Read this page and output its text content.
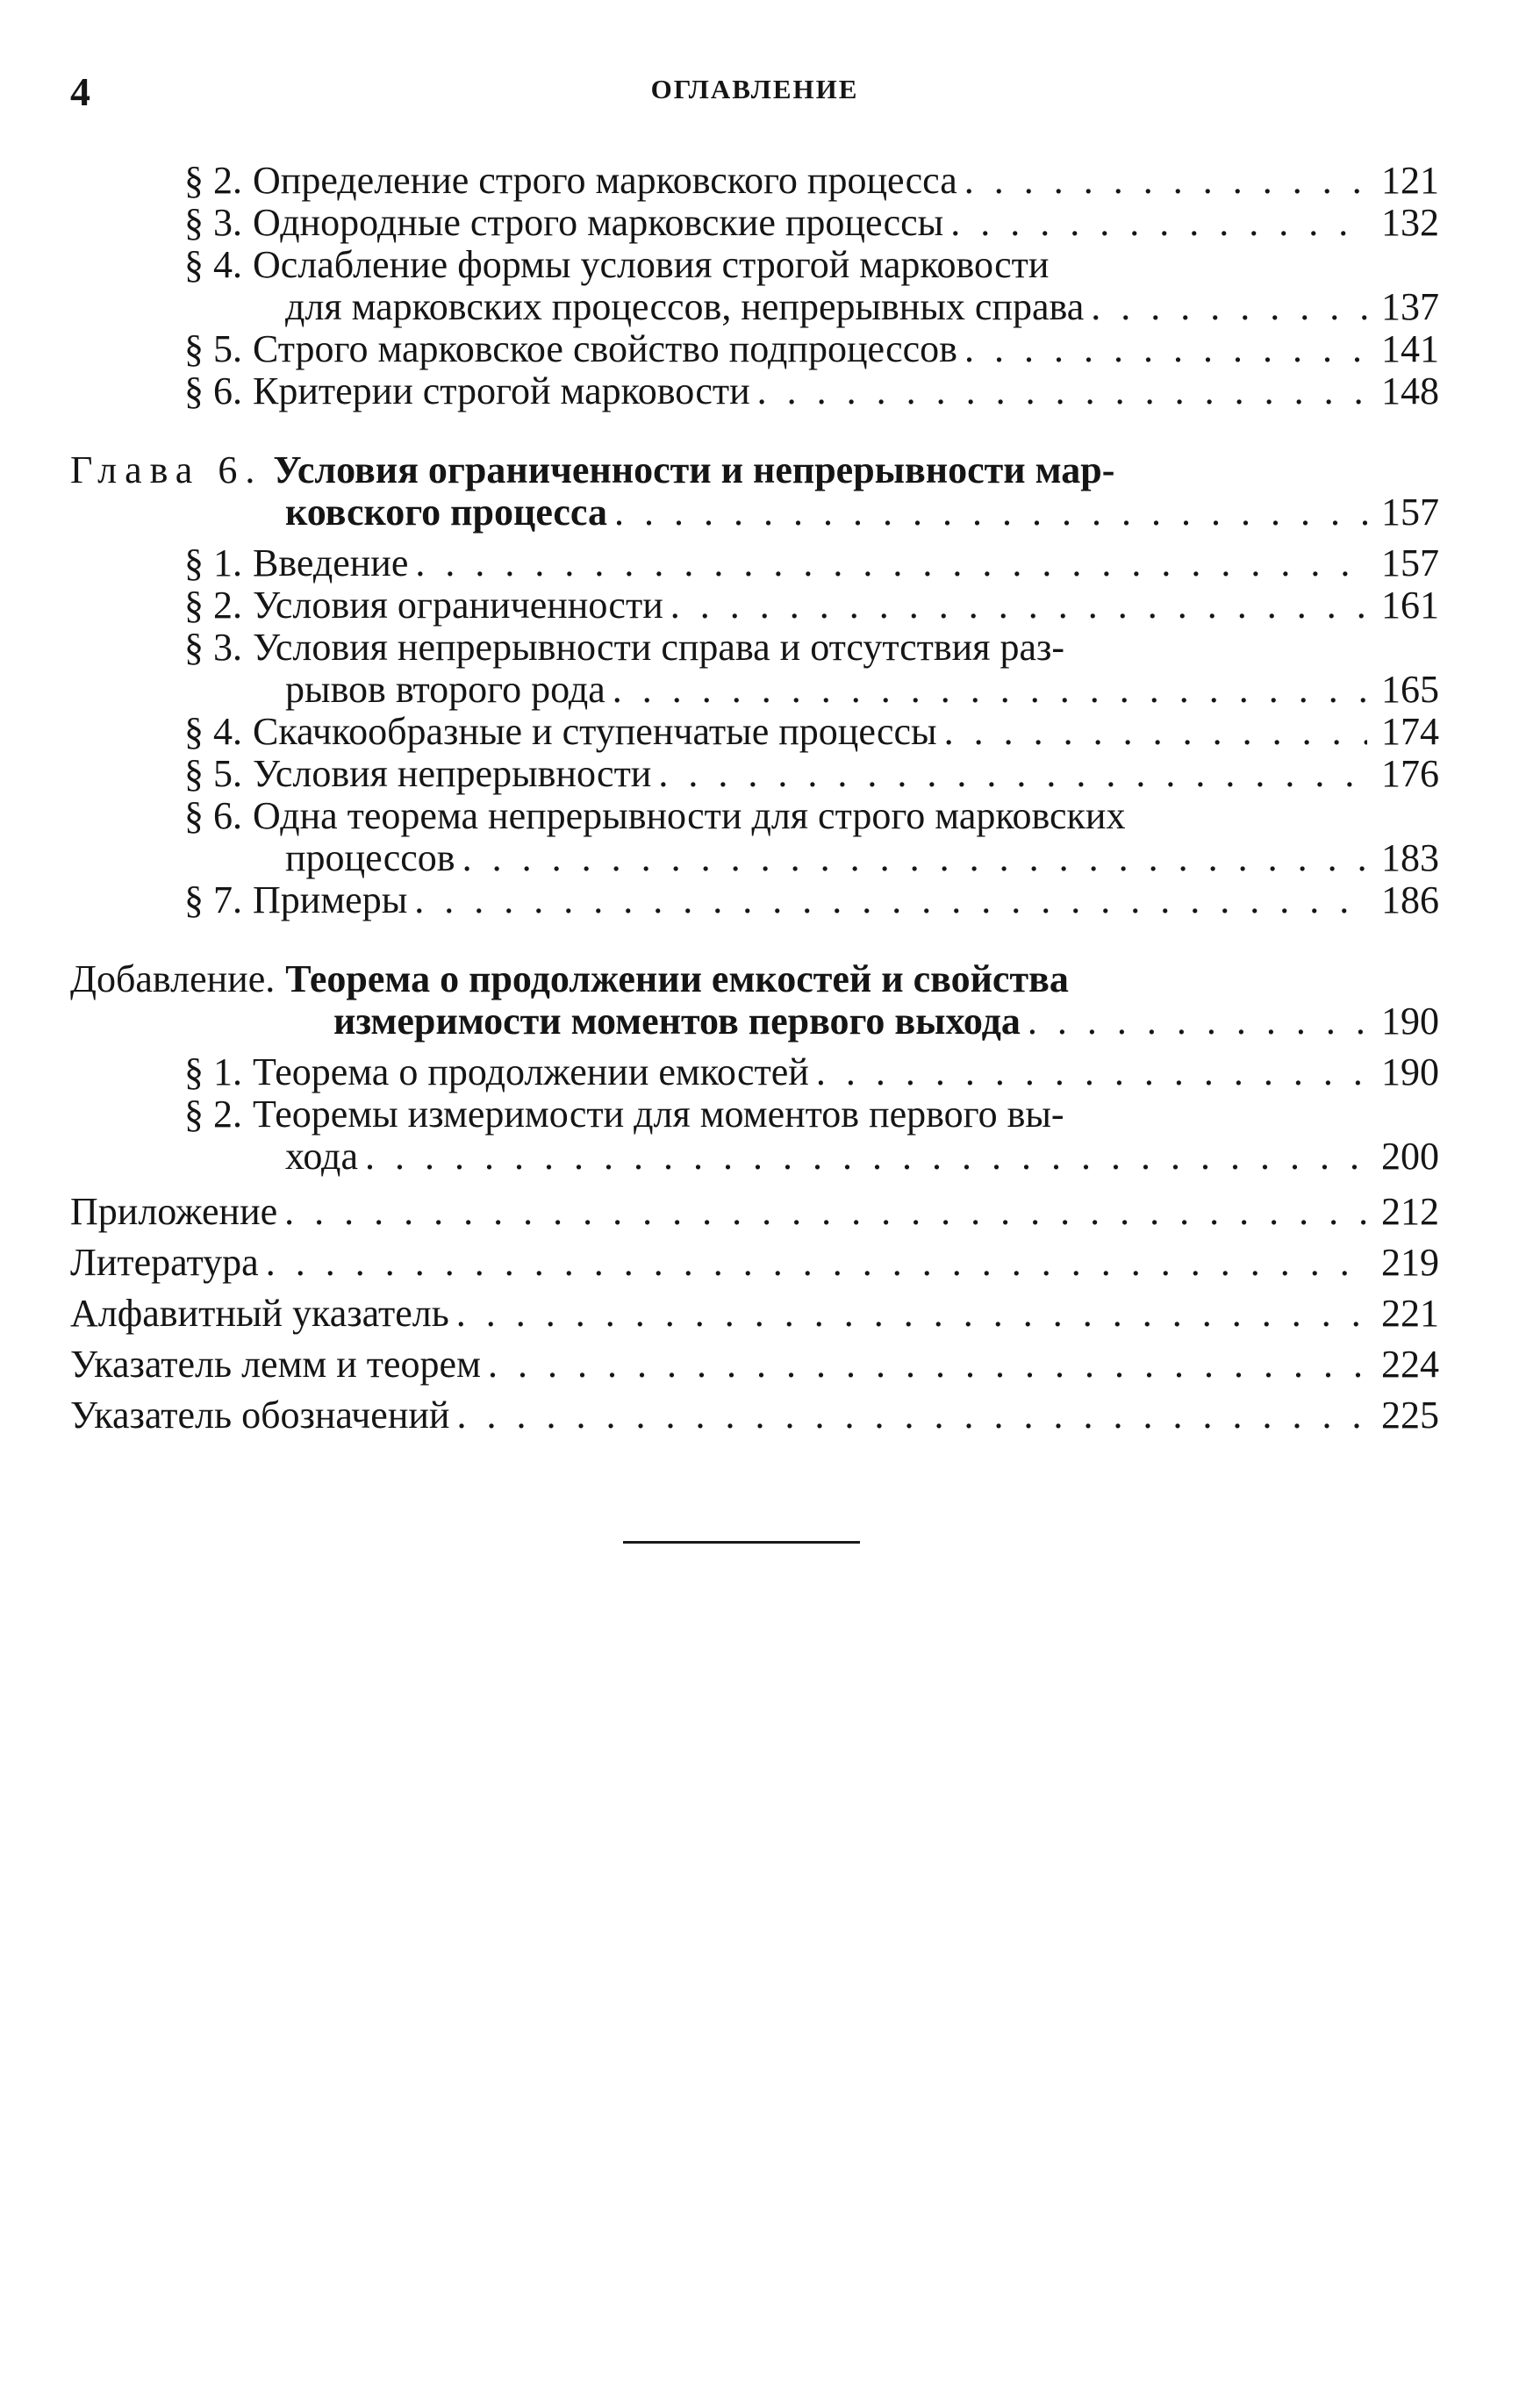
4	ОГЛАВЛЕНИЕ
§ 2. Определение строго марковского процесса . . .	121
§ 3. Однородные строго марковские процессы . . .	132
§ 4. Ослабление формы условия строгой марковости
для марковских процессов, непрерывных справа . . .	137
§ 5. Строго марковское свойство подпроцессов . . .	141
§ 6. Критерии строгой марковости . . .	148
Глава 6. Условия ограниченности и непрерывности мар-
ковского процесса . . .	157
§ 1. Введение . . .	157
§ 2. Условия ограниченности . . .	161
§ 3. Условия непрерывности справа и отсутствия раз-
рывов второго рода . . .	165
§ 4. Скачкообразные и ступенчатые процессы . . .	174
§ 5. Условия непрерывности . . .	176
§ 6. Одна теорема непрерывности для строго марковских
процессов . . .	183
§ 7. Примеры . . .	186
Добавление. Теорема о продолжении емкостей и свойства
измеримости моментов первого выхода . . .	190
§ 1. Теорема о продолжении емкостей . . .	190
§ 2. Теоремы измеримости для моментов первого вы-
хода . . .	200
Приложение . . .	212
Литература . . .	219
Алфавитный указатель . . .	221
Указатель лемм и теорем . . .	224
Указатель обозначений . . .	225
